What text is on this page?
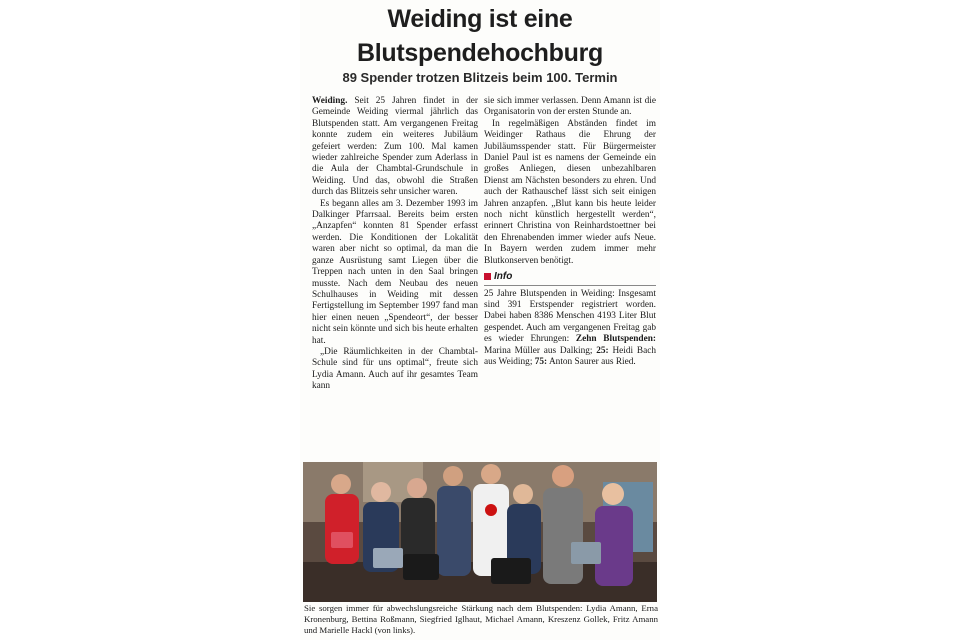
Weiding ist eine
Blutspendehochburg
89 Spender trotzen Blitzeis beim 100. Termin

Weiding. Seit 25 Jahren findet in der Gemeinde Weiding viermal jährlich das Blutspenden statt. Am vergangenen Freitag konnte zudem ein weiteres Jubiläum gefeiert werden: Zum 100. Mal kamen wieder zahlreiche Spender zum Aderlass in die Aula der Chambtal-Grundschule in Weiding. Und das, obwohl die Straßen durch das Blitzeis sehr unsicher waren.

Es begann alles am 3. Dezember 1993 im Dalkinger Pfarrsaal. Bereits beim ersten „Anzapfen“ konnten 81 Spender erfasst werden. Die Konditionen der Lokalität waren aber nicht so optimal, da man die ganze Ausrüstung samt Liegen über die Treppen nach unten in den Saal bringen musste. Nach dem Neubau des neuen Schulhauses in Weiding mit dessen Fertigstellung im September 1997 fand man hier einen neuen „Spendeort“, der besser nicht sein könnte und sich bis heute erhalten hat.

„Die Räumlichkeiten in der Chambtal-Schule sind für uns optimal“, freute sich Lydia Amann. Auch auf ihr gesamtes Team kann

sie sich immer verlassen. Denn Amann ist die Organisatorin von der ersten Stunde an.

In regelmäßigen Abständen findet im Weidinger Rathaus die Ehrung der Jubiläumsspender statt. Für Bürgermeister Daniel Paul ist es namens der Gemeinde ein großes Anliegen, diesen unbezahlbaren Dienst am Nächsten besonders zu ehren. Und auch der Rathauschef lässt sich seit einigen Jahren anzapfen. „Blut kann bis heute leider noch nicht künstlich hergestellt werden“, erinnert Christina von Reinhardstoettner bei den Ehrenabenden immer wieder aufs Neue. In Bayern werden zudem immer mehr Blutkonserven benötigt.

Info

25 Jahre Blutspenden in Weiding: Insgesamt sind 391 Erstspender registriert worden. Dabei haben 8386 Menschen 4193 Liter Blut gespendet. Auch am vergangenen Freitag gab es wieder Ehrungen: Zehn Blutspenden: Marina Müller aus Dalking; 25: Heidi Bach aus Weiding; 75: Anton Saurer aus Ried.

Sie sorgen immer für abwechslungsreiche Stärkung nach dem Blutspenden: Lydia Amann, Erna Kronenburg, Bettina Roßmann, Siegfried Iglhaut, Michael Amann, Kreszenz Gollek, Fritz Amann und Marielle Hackl (von links).
